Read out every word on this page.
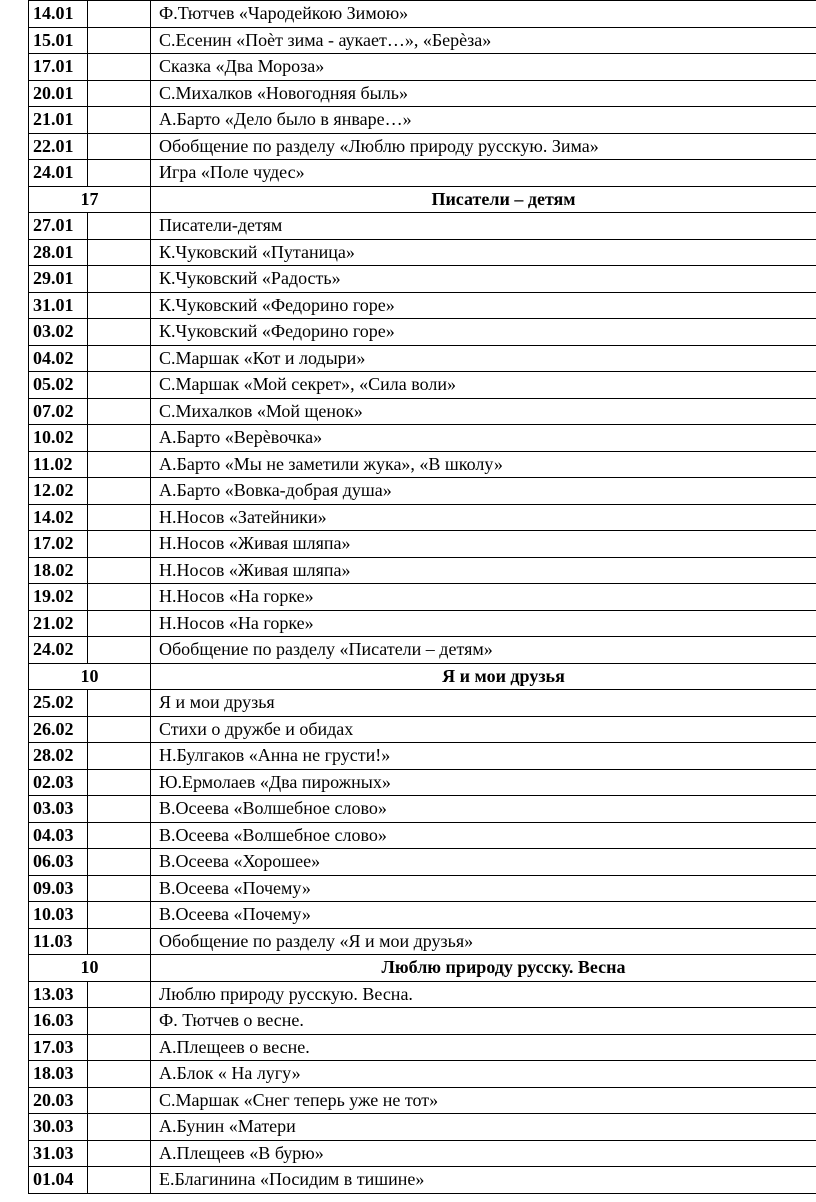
14.01		Ф.Тютчев «Чародейкою Зимою»
15.01		С.Есенин «Поѐт зима - аукает…», «Берѐза»
17.01		Сказка «Два Мороза»
20.01		С.Михалков «Новогодняя быль»
21.01		А.Барто «Дело было в январе…»
22.01		Обобщение по разделу «Люблю природу русскую. Зима»
24.01		Игра «Поле чудес»
17		Писатели – детям
27.01		Писатели-детям
28.01		К.Чуковский «Путаница»
29.01		К.Чуковский «Радость»
31.01		К.Чуковский «Федорино горе»
03.02		К.Чуковский «Федорино горе»
04.02		С.Маршак «Кот и лодыри»
05.02		С.Маршак «Мой секрет», «Сила воли»
07.02		С.Михалков «Мой щенок»
10.02		А.Барто «Верѐвочка»
11.02		А.Барто «Мы не заметили жука», «В школу»
12.02		А.Барто «Вовка-добрая душа»
14.02		Н.Носов «Затейники»
17.02		Н.Носов «Живая шляпа»
18.02		Н.Носов «Живая шляпа»
19.02		Н.Носов «На горке»
21.02		Н.Носов «На горке»
24.02		Обобщение по разделу «Писатели – детям»
10		Я и мои друзья
25.02		Я и мои друзья
26.02		Стихи о дружбе и обидах
28.02		Н.Булгаков «Анна не грусти!»
02.03		Ю.Ермолаев «Два пирожных»
03.03		В.Осеева «Волшебное слово»
04.03		В.Осеева «Волшебное слово»
06.03		В.Осеева «Хорошее»
09.03		В.Осеева «Почему»
10.03		В.Осеева «Почему»
11.03		Обобщение по разделу «Я и мои друзья»
10		Люблю природу русску. Весна
13.03		Люблю природу русскую. Весна.
16.03		Ф. Тютчев о весне.
17.03		А.Плещеев о весне.
18.03		А.Блок « На лугу»
20.03		С.Маршак «Снег теперь уже не тот»
30.03		А.Бунин «Матери
31.03		А.Плещеев «В бурю»
01.04		Е.Благинина «Посидим в тишине»
